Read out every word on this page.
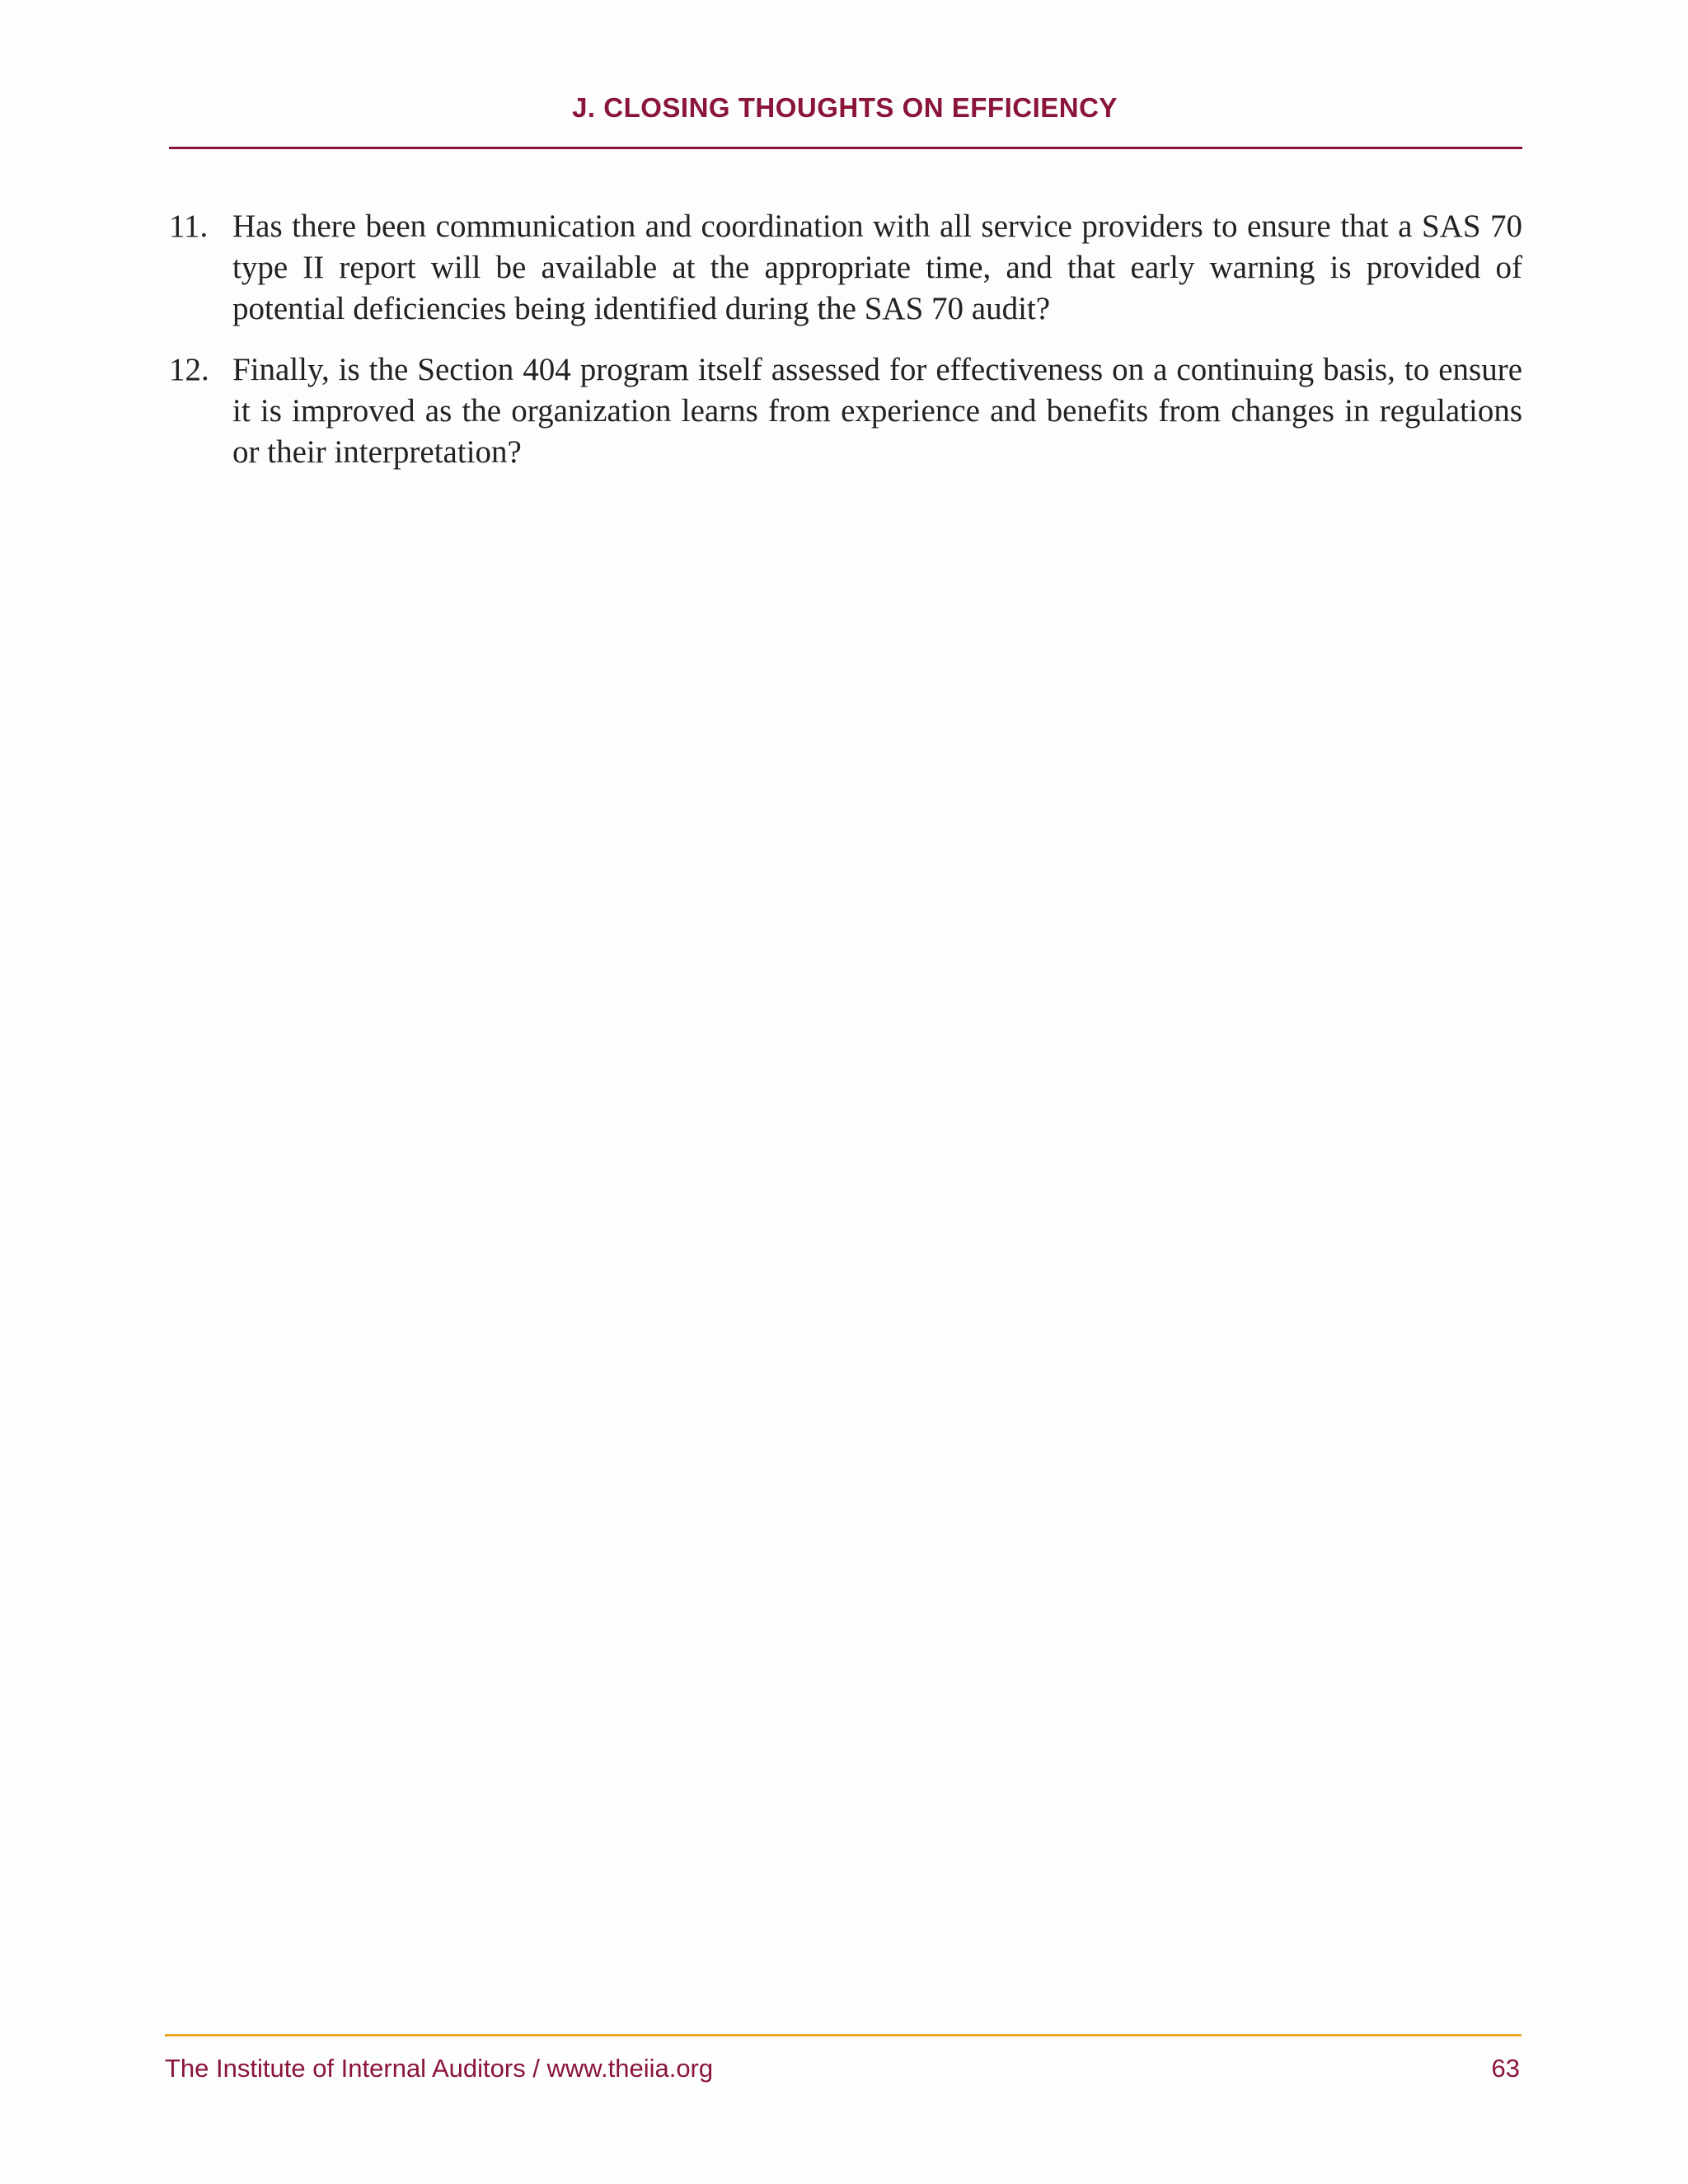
J. CLOSING THOUGHTS ON EFFICIENCY
11. Has there been communication and coordination with all service providers to ensure that a SAS 70 type II report will be available at the appropriate time, and that early warning is provided of potential deficiencies being identified during the SAS 70 audit?
12. Finally, is the Section 404 program itself assessed for effectiveness on a continuing basis, to ensure it is improved as the organization learns from experience and benefits from changes in regulations or their interpretation?
The Institute of Internal Auditors / www.theiia.org	63
